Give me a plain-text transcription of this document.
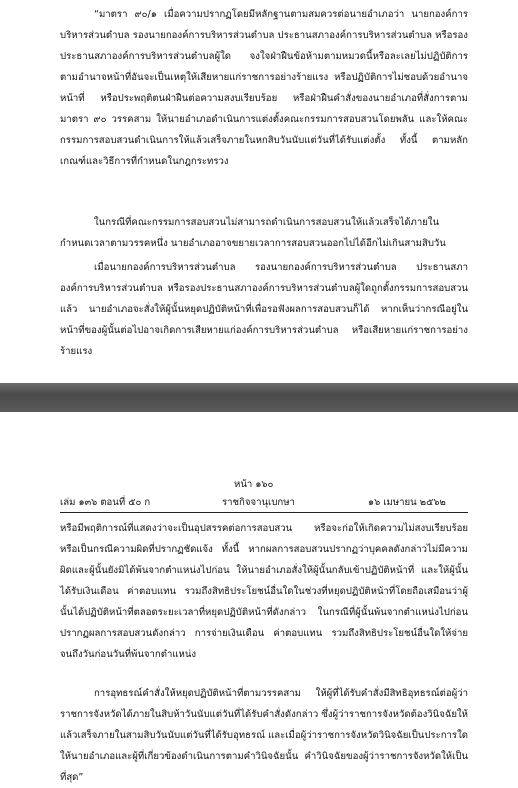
“มาตรา ๙๐/๑ เมื่อความปรากฏโดยมีหลักฐานตามสมควรต่อนายอำเภอว่า นายกองค์การบริหารส่วนตำบล รองนายกองค์การบริหารส่วนตำบล ประธานสภาองค์การบริหารส่วนตำบล หรือรองประธานสภาองค์การบริหารส่วนตำบลผู้ใด จงใจฝ่าฝืนข้อห้ามตามหมวดนี้หรือละเลยไม่ปฏิบัติการตามอำนาจหน้าที่อันจะเป็นเหตุให้เสียหายแก่ราชการอย่างร้ายแรง หรือปฏิบัติการไม่ชอบด้วยอำนาจหน้าที่ หรือประพฤติตนฝ่าฝืนต่อความสงบเรียบร้อย หรือฝ่าฝืนคำสั่งของนายอำเภอที่สั่งการตามมาตรา ๙๐ วรรคสาม ให้นายอำเภอดำเนินการแต่งตั้งคณะกรรมการสอบสวนโดยพลัน และให้คณะกรรมการสอบสวนดำเนินการให้แล้วเสร็จภายในหกสิบวันนับแต่วันที่ได้รับแต่งตั้ง ทั้งนี้ ตามหลักเกณฑ์และวิธีการที่กำหนดในกฎกระทรวง

ในกรณีที่คณะกรรมการสอบสวนไม่สามารถดำเนินการสอบสวนให้แล้วเสร็จได้ภายในกำหนดเวลาตามวรรคหนึ่ง นายอำเภออาจขยายเวลาการสอบสวนออกไปได้อีกไม่เกินสามสิบวัน

เมื่อนายกองค์การบริหารส่วนตำบล รองนายกองค์การบริหารส่วนตำบล ประธานสภาองค์การบริหารส่วนตำบล หรือรองประธานสภาองค์การบริหารส่วนตำบลผู้ใดถูกตั้งกรรมการสอบสวนแล้ว นายอำเภอจะสั่งให้ผู้นั้นหยุดปฏิบัติหน้าที่เพื่อรอฟังผลการสอบสวนก็ได้ หากเห็นว่ากรณีอยู่ในหน้าที่ของผู้นั้นต่อไปอาจเกิดการเสียหายแก่องค์การบริหารส่วนตำบล หรือเสียหายแก่ราชการอย่างร้ายแรง

หน้า ๑๖๐

เล่ม ๑๓๖ ตอนที่ ๕๐ ก	ราชกิจจานุเบกษา	๑๖ เมษายน ๒๕๖๒

หรือมีพฤติการณ์ที่แสดงว่าจะเป็นอุปสรรคต่อการสอบสวน หรือจะก่อให้เกิดความไม่สงบเรียบร้อย หรือเป็นกรณีความผิดที่ปรากฏชัดแจ้ง ทั้งนี้ หากผลการสอบสวนปรากฏว่าบุคคลดังกล่าวไม่มีความผิดและผู้นั้นยังมิได้พ้นจากตำแหน่งไปก่อน ให้นายอำเภอสั่งให้ผู้นั้นกลับเข้าปฏิบัติหน้าที่ และให้ผู้นั้นได้รับเงินเดือน ค่าตอบแทน รวมถึงสิทธิประโยชน์อื่นใดในช่วงที่หยุดปฏิบัติหน้าที่โดยถือเสมือนว่าผู้นั้นได้ปฏิบัติหน้าที่ตลอดระยะเวลาที่หยุดปฏิบัติหน้าที่ดังกล่าว ในกรณีที่ผู้นั้นพ้นจากตำแหน่งไปก่อนปรากฏผลการสอบสวนดังกล่าว การจ่ายเงินเดือน ค่าตอบแทน รวมถึงสิทธิประโยชน์อื่นใดให้จ่ายจนถึงวันก่อนวันที่พ้นจากตำแหน่ง

การอุทธรณ์คำสั่งให้หยุดปฏิบัติหน้าที่ตามวรรคสาม ให้ผู้ที่ได้รับคำสั่งมีสิทธิอุทธรณ์ต่อผู้ว่าราชการจังหวัดได้ภายในสิบห้าวันนับแต่วันที่ได้รับคำสั่งดังกล่าว ซึ่งผู้ว่าราชการจังหวัดต้องวินิจฉัยให้แล้วเสร็จภายในสามสิบวันนับแต่วันที่ได้รับอุทธรณ์ และเมื่อผู้ว่าราชการจังหวัดวินิจฉัยเป็นประการใดให้นายอำเภอและผู้ที่เกี่ยวข้องดำเนินการตามคำวินิจฉัยนั้น คำวินิจฉัยของผู้ว่าราชการจังหวัดให้เป็นที่สุด”
